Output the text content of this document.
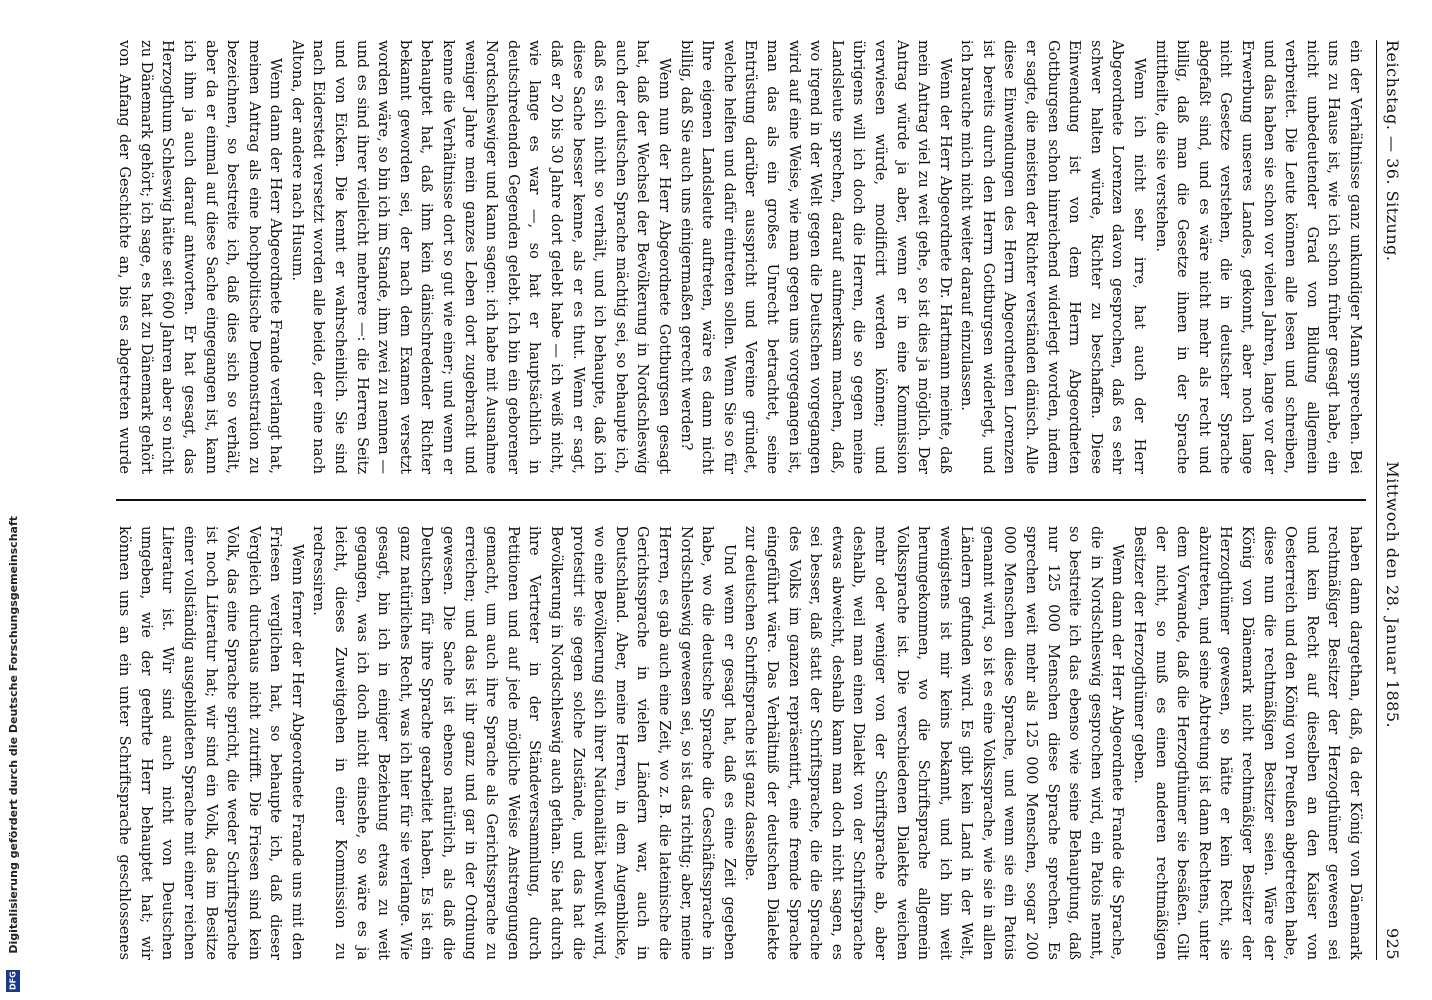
Digitalisierung gefördert durch die Deutsche Forschungsgemeinschaft
DFG
Reichstag. — 36. Sitzung.
Mittwoch den 28. Januar 1885.
925

ein der Verhältnisse ganz unkundiger Mann sprechen. Bei uns zu Hause ist, wie ich schon früher gesagt habe, ein nicht unbedeutender Grad von Bildung allgemein verbreitet. Die Leute können alle lesen und schreiben, und das haben sie schon vor vielen Jahren, lange vor der Erwerbung unseres Landes, gekonnt, aber noch lange nicht Gesetze verstehen, die in deutscher Sprache abgefaßt sind, und es wäre nicht mehr als recht und billig, daß man die Gesetze ihnen in der Sprache mittheilte, die sie verstehen.

Wenn ich nicht sehr irre, hat auch der Herr Abgeordnete Lorenzen davon gesprochen, daß es sehr schwer halten würde, Richter zu beschaffen. Diese Einwendung ist von dem Herrn Abgeordneten Gottburgsen schon hinreichend widerlegt worden, indem er sagte, die meisten der Richter verständen dänisch. Alle diese Einwendungen des Herrn Abgeordneten Lorenzen ist bereits durch den Herrn Gottburgsen widerlegt, und ich brauche mich nicht weiter darauf einzulassen.

Wenn der Herr Abgeordnete Dr. Hartmann meinte, daß mein Antrag viel zu weit gehe, so ist dies ja möglich. Der Antrag würde ja aber, wenn er in eine Kommission verwiesen würde, modificirt werden können; und übrigens will ich doch die Herren, die so gegen meine Landsleute sprechen, darauf aufmerksam machen, daß, wo irgend in der Welt gegen die Deutschen vorgegangen wird auf eine Weise, wie man gegen uns vorgegangen ist, man das als ein großes Unrecht betrachtet, seine Entrüstung darüber ausspricht und Vereine gründet, welche helfen und dafür eintreten sollen. Wenn Sie so für Ihre eigenen Landsleute auftreten, wäre es dann nicht billig, daß Sie auch uns einigermaßen gerecht werden?

Wenn nun der Herr Abgeordnete Gottburgsen gesagt hat, daß der Wechsel der Bevölkerung in Nordschleswig auch der deutschen Sprache mächtig sei, so behaupte ich, daß es sich nicht so verhält, und ich behaupte, daß ich diese Sache besser kenne, als er es thut. Wenn er sagt, daß er 20 bis 30 Jahre dort gelebt habe — ich weiß nicht, wie lange es war —, so hat er hauptsächlich in deutschredenden Gegenden gelebt. Ich bin ein geborener Nordschleswiger und kann sagen: ich habe mit Ausnahme weniger Jahre mein ganzes Leben dort zugebracht und kenne die Verhältnisse dort so gut wie einer; und wenn er behauptet hat, daß ihm kein dänischredender Richter bekannt geworden sei, der nach dem Examen versetzt worden wäre, so bin ich im Stande, ihm zwei zu nennen — und es sind ihrer vielleicht mehrere —: die Herren Seitz und von Eicken. Die kennt er wahrscheinlich. Sie sind nach Eiderstedt versetzt worden alle beide, der eine nach Altona, der andere nach Husum.

Wenn dann der Herr Abgeordnete Frande verlangt hat, meinen Antrag als eine hochpolitische Demonstration zu bezeichnen, so bestreite ich, daß dies sich so verhält, aber da er einmal auf diese Sache eingegangen ist, kann ich ihm ja auch darauf antworten. Er hat gesagt, das Herzogthum Schleswig hätte seit 600 Jahren aber so nicht zu Dänemark gehört; ich sage, es hat zu Dänemark gehört von Anfang der Geschichte an, bis es abgetreten wurde

haben dann dargethan, daß, da der König von Dänemark rechtmäßiger Besitzer der Herzogthümer gewesen sei und kein Recht auf dieselben an den Kaiser von Oesterreich und den König von Preußen abgetreten habe, diese nun die rechtmäßigen Besitzer seien. Wäre der König von Dänemark nicht rechtmäßiger Besitzer der Herzogthümer gewesen, so hätte er kein Recht, sie abzutreten, und seine Abtretung ist dann Rechtens, unter dem Vorwande, daß die Herzogthümer sie besäßen. Gilt der nicht, so muß es einen anderen rechtmäßigen Besitzer der Herzogthümer geben.

Wenn dann der Herr Abgeordnete Frande die Sprache, die in Nordschleswig gesprochen wird, ein Patois nennt, so bestreite ich das ebenso wie seine Behauptung, daß nur 125 000 Menschen diese Sprache sprechen. Es sprechen weit mehr als 125 000 Menschen, sogar 200 000 Menschen diese Sprache, und wenn sie ein Patois genannt wird, so ist es eine Volkssprache, wie sie in allen Ländern gefunden wird. Es gibt kein Land in der Welt, wenigstens ist mir keins bekannt, und ich bin weit herumgekommen, wo die Schriftsprache allgemein Volkssprache ist. Die verschiedenen Dialekte weichen mehr oder weniger von der Schriftsprache ab, aber deshalb, weil man einen Dialekt von der Schriftsprache etwas abweicht, deshalb kann man doch nicht sagen, es sei besser, daß statt der Schriftsprache, die die Sprache des Volks im ganzen repräsentirt, eine fremde Sprache eingeführt wäre. Das Verhältniß der deutschen Dialekte zur deutschen Schriftsprache ist ganz dasselbe.

Und wenn er gesagt hat, daß es eine Zeit gegeben habe, wo die deutsche Sprache die Geschäftssprache in Nordschleswig gewesen sei, so ist das richtig; aber, meine Herren, es gab auch eine Zeit, wo z. B. die lateinische die Gerichtssprache in vielen Ländern war, auch in Deutschland. Aber, meine Herren, in dem Augenblicke, wo eine Bevölkerung sich ihrer Nationalität bewußt wird, protestirt sie gegen solche Zustände, und das hat die Bevölkerung in Nordschleswig auch gethan. Sie hat durch ihre Vertreter in der Ständeversammlung, durch Petitionen und auf jede mögliche Weise Anstrengungen gemacht, um auch ihre Sprache als Gerichtssprache zu erreichen; und das ist ihr ganz und gar in der Ordnung gewesen. Die Sache ist ebenso natürlich, als daß die Deutschen für ihre Sprache gearbeitet haben. Es ist ein ganz natürliches Recht, was ich hier für sie verlange. Wie gesagt, bin ich in einiger Beziehung etwas zu weit gegangen, was ich doch nicht einsehe, so wäre es ja leicht, dieses Zuweitgehen in einer Kommission zu redressiren.

Wenn ferner der Herr Abgeordnete Frande uns mit den Friesen verglichen hat, so behaupte ich, daß dieser Vergleich durchaus nicht zutrifft. Die Friesen sind kein Volk, das eine Sprache spricht, die weder Schriftsprache ist noch Literatur hat; wir sind ein Volk, das im Besitze einer vollständig ausgebildeten Sprache mit einer reichen Literatur ist. Wir sind auch nicht von Deutschen umgeben, wie der geehrte Herr behauptet hat; wir können uns an ein unter Schriftsprache geschlossenes
